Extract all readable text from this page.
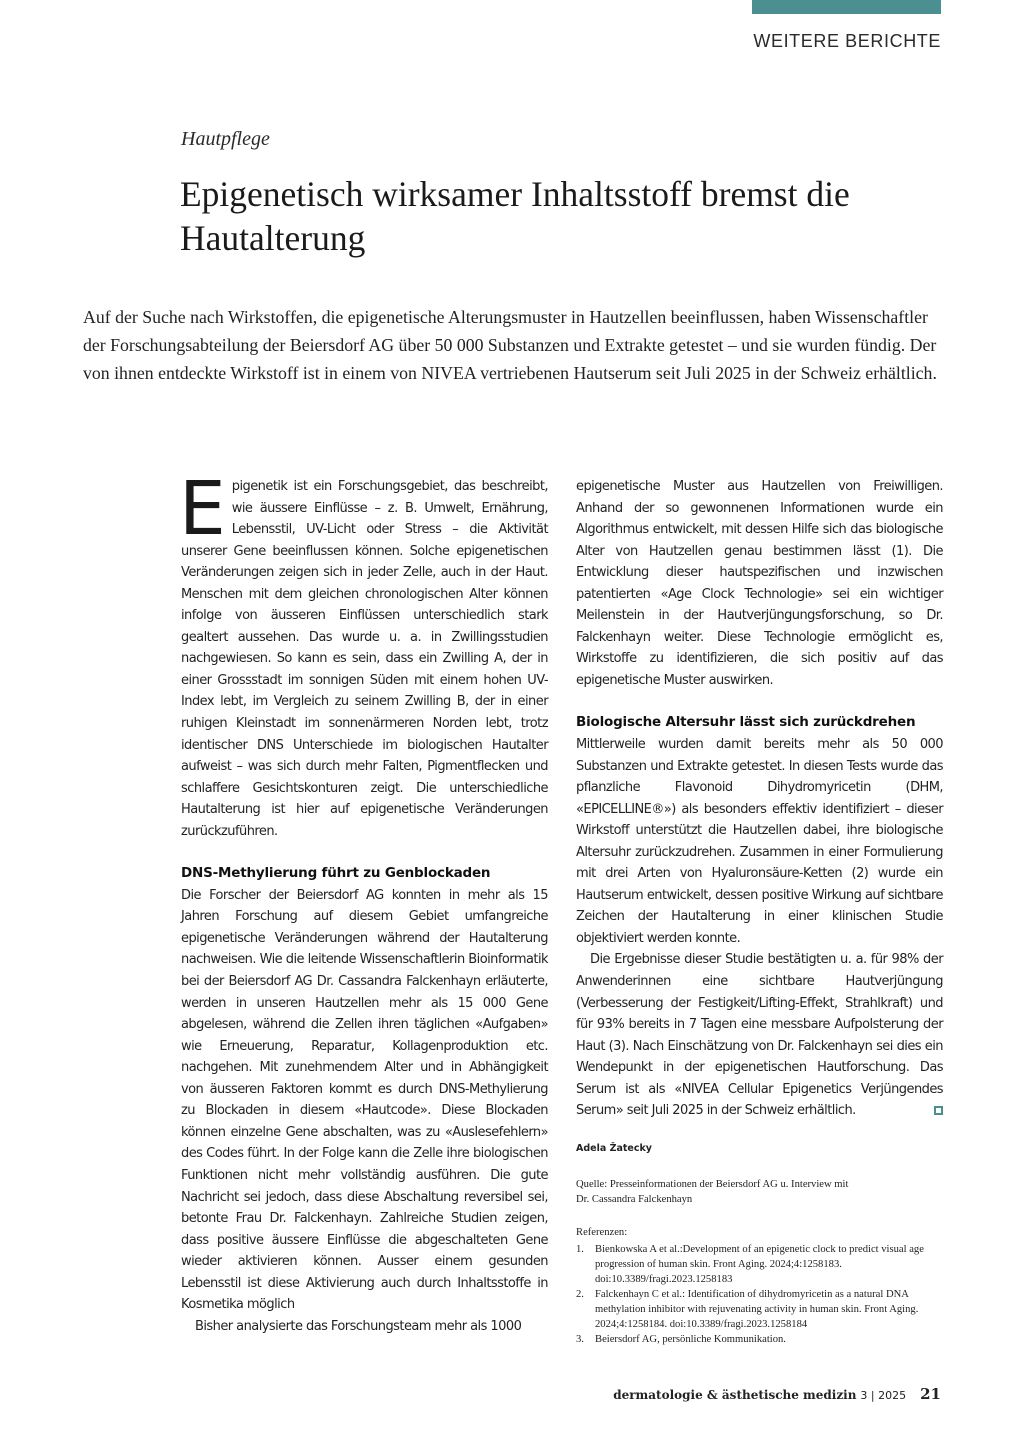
WEITERE BERICHTE
Hautpflege
Epigenetisch wirksamer Inhaltsstoff bremst die Hautalterung

Auf der Suche nach Wirkstoffen, die epigenetische Alterungsmuster in Hautzellen beeinflussen, haben Wissenschaftler der Forschungsabteilung der Beiersdorf AG über 50 000 Substanzen und Extrakte getestet – und sie wurden fündig. Der von ihnen entdeckte Wirkstoff ist in einem von NIVEA vertriebenen Hautserum seit Juli 2025 in der Schweiz erhältlich.

Epigenetik ist ein Forschungsgebiet, das beschreibt, wie äussere Einflüsse – z. B. Umwelt, Ernährung, Lebensstil, UV-Licht oder Stress – die Aktivität unserer Gene beeinflussen können. Solche epigenetischen Veränderungen zeigen sich in jeder Zelle, auch in der Haut. Menschen mit dem gleichen chronologischen Alter können infolge von äusseren Einflüssen unterschiedlich stark gealtert aussehen. Das wurde u. a. in Zwillingsstudien nachgewiesen. So kann es sein, dass ein Zwilling A, der in einer Grossstadt im sonnigen Süden mit einem hohen UV-Index lebt, im Vergleich zu seinem Zwilling B, der in einer ruhigen Kleinstadt im sonnenärmeren Norden lebt, trotz identischer DNS Unterschiede im biologischen Hautalter aufweist – was sich durch mehr Falten, Pigmentflecken und schlaffere Gesichtskonturen zeigt. Die unterschiedliche Hautalterung ist hier auf epigenetische Veränderungen zurückzuführen.

DNS-Methylierung führt zu Genblockaden

Die Forscher der Beiersdorf AG konnten in mehr als 15 Jahren Forschung auf diesem Gebiet umfangreiche epigenetische Veränderungen während der Hautalterung nachweisen. Wie die leitende Wissenschaftlerin Bioinformatik bei der Beiersdorf AG Dr. Cassandra Falckenhayn erläuterte, werden in unseren Hautzellen mehr als 15 000 Gene abgelesen, während die Zellen ihren täglichen «Aufgaben» wie Erneuerung, Reparatur, Kollagenproduktion etc. nachgehen. Mit zunehmendem Alter und in Abhängigkeit von äusseren Faktoren kommt es durch DNS-Methylierung zu Blockaden in diesem «Hautcode». Diese Blockaden können einzelne Gene abschalten, was zu «Auslesefehlern» des Codes führt. In der Folge kann die Zelle ihre biologischen Funktionen nicht mehr vollständig ausführen. Die gute Nachricht sei jedoch, dass diese Abschaltung reversibel sei, betonte Frau Dr. Falckenhayn. Zahlreiche Studien zeigen, dass positive äussere Einflüsse die abgeschalteten Gene wieder aktivieren können. Ausser einem gesunden Lebensstil ist diese Aktivierung auch durch Inhaltsstoffe in Kosmetika möglich

Bisher analysierte das Forschungsteam mehr als 1000

epigenetische Muster aus Hautzellen von Freiwilligen. Anhand der so gewonnenen Informationen wurde ein Algorithmus entwickelt, mit dessen Hilfe sich das biologische Alter von Hautzellen genau bestimmen lässt (1). Die Entwicklung dieser hautspezifischen und inzwischen patentierten «Age Clock Technologie» sei ein wichtiger Meilenstein in der Hautverjüngungsforschung, so Dr. Falckenhayn weiter. Diese Technologie ermöglicht es, Wirkstoffe zu identifizieren, die sich positiv auf das epigenetische Muster auswirken.

Biologische Altersuhr lässt sich zurückdrehen

Mittlerweile wurden damit bereits mehr als 50 000 Substanzen und Extrakte getestet. In diesen Tests wurde das pflanzliche Flavonoid Dihydromyricetin (DHM, «EPICELLINE®») als besonders effektiv identifiziert – dieser Wirkstoff unterstützt die Hautzellen dabei, ihre biologische Altersuhr zurückzudrehen. Zusammen in einer Formulierung mit drei Arten von Hyaluronsäure-Ketten (2) wurde ein Hautserum entwickelt, dessen positive Wirkung auf sichtbare Zeichen der Hautalterung in einer klinischen Studie objektiviert werden konnte.

Die Ergebnisse dieser Studie bestätigten u. a. für 98% der Anwenderinnen eine sichtbare Hautverjüngung (Verbesserung der Festigkeit/Lifting-Effekt, Strahlkraft) und für 93% bereits in 7 Tagen eine messbare Aufpolsterung der Haut (3). Nach Einschätzung von Dr. Falckenhayn sei dies ein Wendepunkt in der epigenetischen Hautforschung. Das Serum ist als «NIVEA Cellular Epigenetics Verjüngendes Serum» seit Juli 2025 in der Schweiz erhältlich.

Adela Žatecky

Quelle: Presseinformationen der Beiersdorf AG u. Interview mit
Dr. Cassandra Falckenhayn

Referenzen:

1. Bienkowska A et al.:Development of an epigenetic clock to predict visual age progression of human skin. Front Aging. 2024;4:1258183. doi:10.3389/fragi.2023.1258183
2. Falckenhayn C et al.: Identification of dihydromyricetin as a natural DNA methylation inhibitor with rejuvenating activity in human skin. Front Aging. 2024;4:1258184. doi:10.3389/fragi.2023.1258184
3. Beiersdorf AG, persönliche Kommunikation.
dermatologie & ästhetische medizin 3 | 2025 21
